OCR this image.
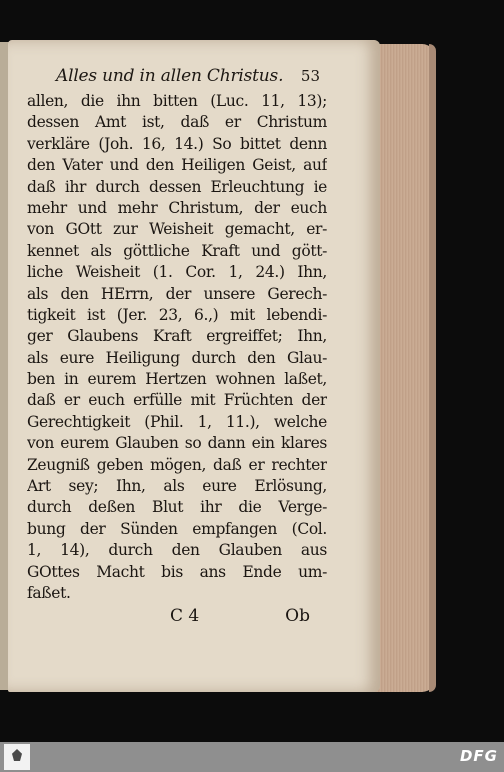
Alles und in allen Christus. 53
allen, die ihn bitten (Luc. 11, 13);
dessen Amt ist, daß er Christum
verkläre (Joh. 16, 14.) So bittet denn
den Vater und den Heiligen Geist, auf
daß ihr durch dessen Erleuchtung ie
mehr und mehr Christum, der euch
von GOtt zur Weisheit gemacht, er-
kennet als göttliche Kraft und gött-
liche Weisheit (1. Cor. 1, 24.) Ihn,
als den HErrn, der unsere Gerech-
tigkeit ist (Jer. 23, 6.,) mit lebendi-
ger Glaubens Kraft ergreiffet; Ihn,
als eure Heiligung durch den Glau-
ben in eurem Hertzen wohnen laßet,
daß er euch erfülle mit Früchten der
Gerechtigkeit (Phil. 1, 11.), welche
von eurem Glauben so dann ein klares
Zeugniß geben mögen, daß er rechter
Art sey; Ihn, als eure Erlösung,
durch deßen Blut ihr die Verge-
bung der Sünden empfangen (Col.
1, 14), durch den Glauben aus
GOttes Macht bis ans Ende um-
faßet.
C 4	Ob
DFG
